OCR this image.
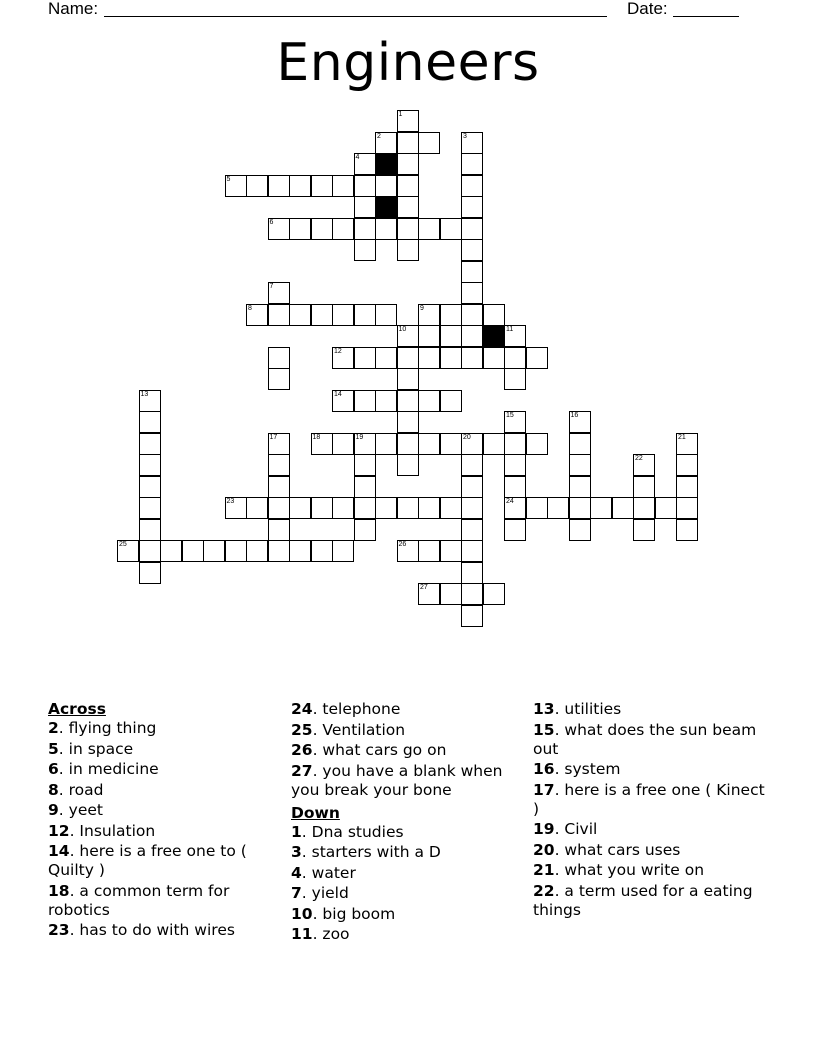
Name:	Date:
Engineers
1
2	3
4
5
6
7
8	9
10	11
12
13	14
15	16
17	18	19	20	21
22
23	24
25	26
27
Across
2. flying thing
5. in space
6. in medicine
8. road
9. yeet
12. Insulation
14. here is a free one to ( Quilty )
18. a common term for robotics
23. has to do with wires
24. telephone
25. Ventilation
26. what cars go on
27. you have a blank when you break your bone
Down
1. Dna studies
3. starters with a D
4. water
7. yield
10. big boom
11. zoo
13. utilities
15. what does the sun beam out
16. system
17. here is a free one ( Kinect )
19. Civil
20. what cars uses
21. what you write on
22. a term used for a eating things
